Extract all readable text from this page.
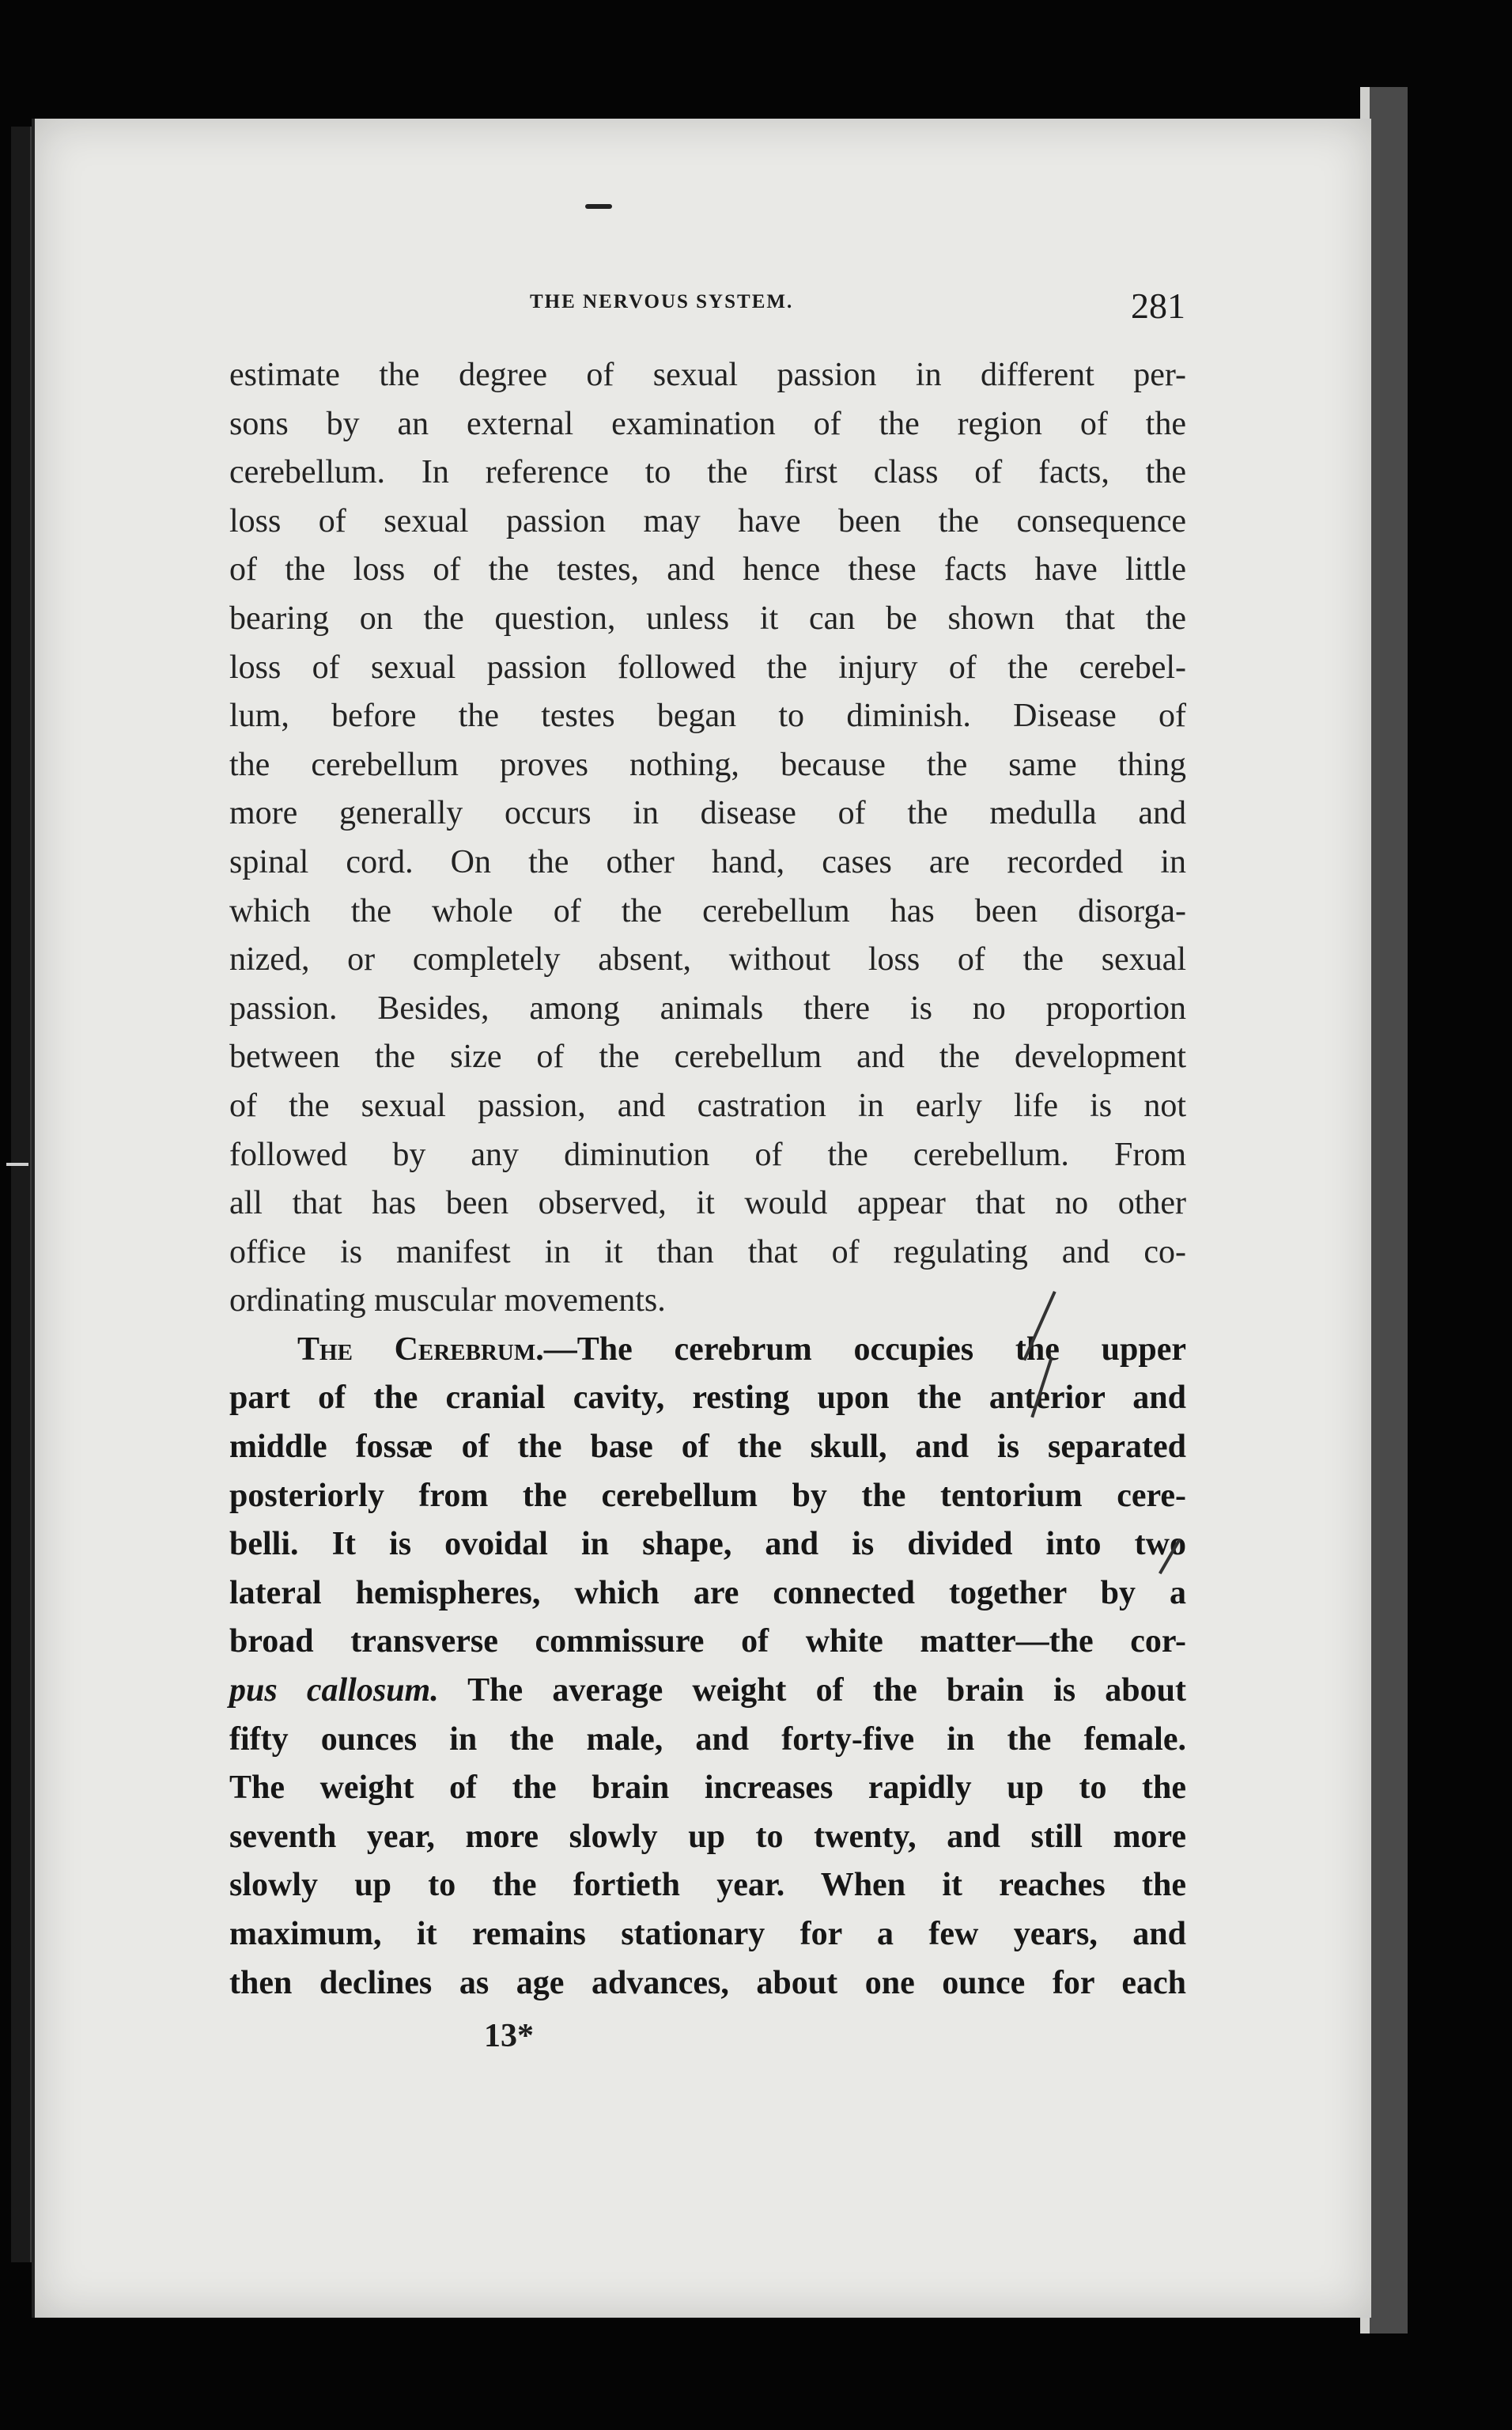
THE NERVOUS SYSTEM.	281
estimate the degree of sexual passion in different per-
sons by an external examination of the region of the
cerebellum. In reference to the first class of facts, the
loss of sexual passion may have been the consequence
of the loss of the testes, and hence these facts have little
bearing on the question, unless it can be shown that the
loss of sexual passion followed the injury of the cerebel-
lum, before the testes began to diminish. Disease of
the cerebellum proves nothing, because the same thing
more generally occurs in disease of the medulla and
spinal cord. On the other hand, cases are recorded in
which the whole of the cerebellum has been disorga-
nized, or completely absent, without loss of the sexual
passion. Besides, among animals there is no proportion
between the size of the cerebellum and the development
of the sexual passion, and castration in early life is not
followed by any diminution of the cerebellum. From
all that has been observed, it would appear that no other
office is manifest in it than that of regulating and co-
ordinating muscular movements.
The Cerebrum.—The cerebrum occupies the upper
part of the cranial cavity, resting upon the anterior and
middle fossæ of the base of the skull, and is separated
posteriorly from the cerebellum by the tentorium cere-
belli. It is ovoidal in shape, and is divided into two
lateral hemispheres, which are connected together by a
broad transverse commissure of white matter—the cor-
pus callosum. The average weight of the brain is about
fifty ounces in the male, and forty-five in the female.
The weight of the brain increases rapidly up to the
seventh year, more slowly up to twenty, and still more
slowly up to the fortieth year. When it reaches the
maximum, it remains stationary for a few years, and
then declines as age advances, about one ounce for each
13*
